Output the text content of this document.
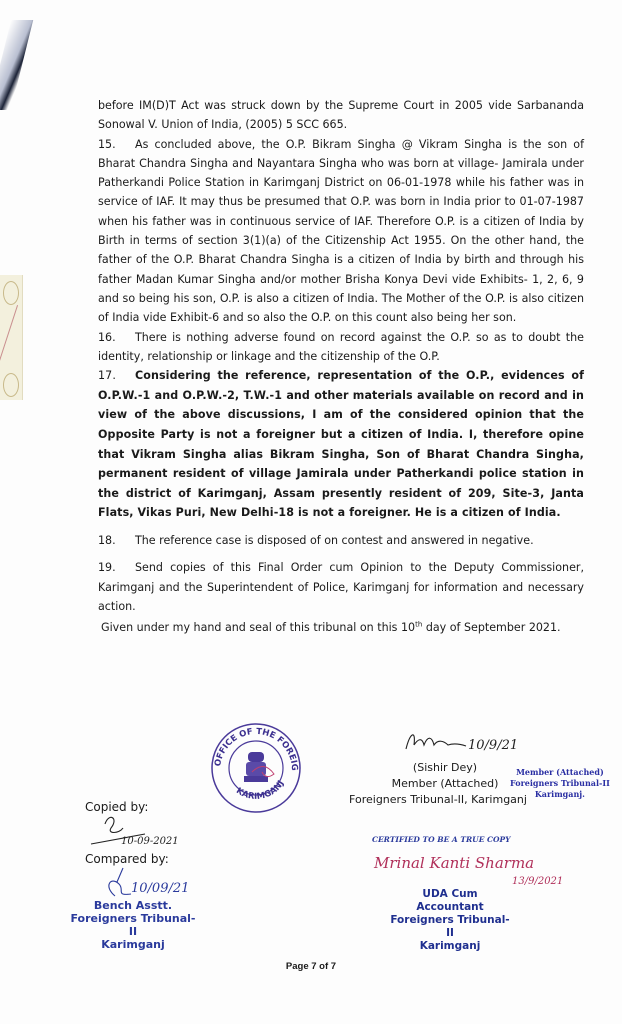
before IM(D)T Act was struck down by the Supreme Court in 2005 vide Sarbananda Sonowal V. Union of India, (2005) 5 SCC 665.

15. As concluded above, the O.P. Bikram Singha @ Vikram Singha is the son of Bharat Chandra Singha and Nayantara Singha who was born at village- Jamirala under Patherkandi Police Station in Karimganj District on 06-01-1978 while his father was in service of IAF. It may thus be presumed that O.P. was born in India prior to 01-07-1987 when his father was in continuous service of IAF. Therefore O.P. is a citizen of India by Birth in terms of section 3(1)(a) of the Citizenship Act 1955. On the other hand, the father of the O.P. Bharat Chandra Singha is a citizen of India by birth and through his father Madan Kumar Singha and/or mother Brisha Konya Devi vide Exhibits- 1, 2, 6, 9 and so being his son, O.P. is also a citizen of India. The Mother of the O.P. is also citizen of India vide Exhibit-6 and so also the O.P. on this count also being her son.

16. There is nothing adverse found on record against the O.P. so as to doubt the identity, relationship or linkage and the citizenship of the O.P.

17. Considering the reference, representation of the O.P., evidences of O.P.W.-1 and O.P.W.-2, T.W.-1 and other materials available on record and in view of the above discussions, I am of the considered opinion that the Opposite Party is not a foreigner but a citizen of India. I, therefore opine that Vikram Singha alias Bikram Singha, Son of Bharat Chandra Singha, permanent resident of village Jamirala under Patherkandi police station in the district of Karimganj, Assam presently resident of 209, Site-3, Janta Flats, Vikas Puri, New Delhi-18 is not a foreigner. He is a citizen of India.

18. The reference case is disposed of on contest and answered in negative.

19. Send copies of this Final Order cum Opinion to the Deputy Commissioner, Karimganj and the Superintendent of Police, Karimganj for information and necessary action.

Given under my hand and seal of this tribunal on this 10th day of September 2021.

OFFICE OF THE FOREIGNERS TRIBUNAL-II
KARIMGANJ
10/9/21
(Sishir Dey)
Member (Attached)
Foreigners Tribunal-II, Karimganj
Member (Attached)
Foreigners Tribunal-II
Karimganj.
Copied by:
10-09-2021
Compared by:
10/09/21
Bench Asstt.
Foreigners Tribunal-II
Karimganj
CERTIFIED TO BE A TRUE COPY
Mrinal Kanti Sharma
13/9/2021
UDA Cum Accountant
Foreigners Tribunal-II
Karimganj
Page 7 of 7
